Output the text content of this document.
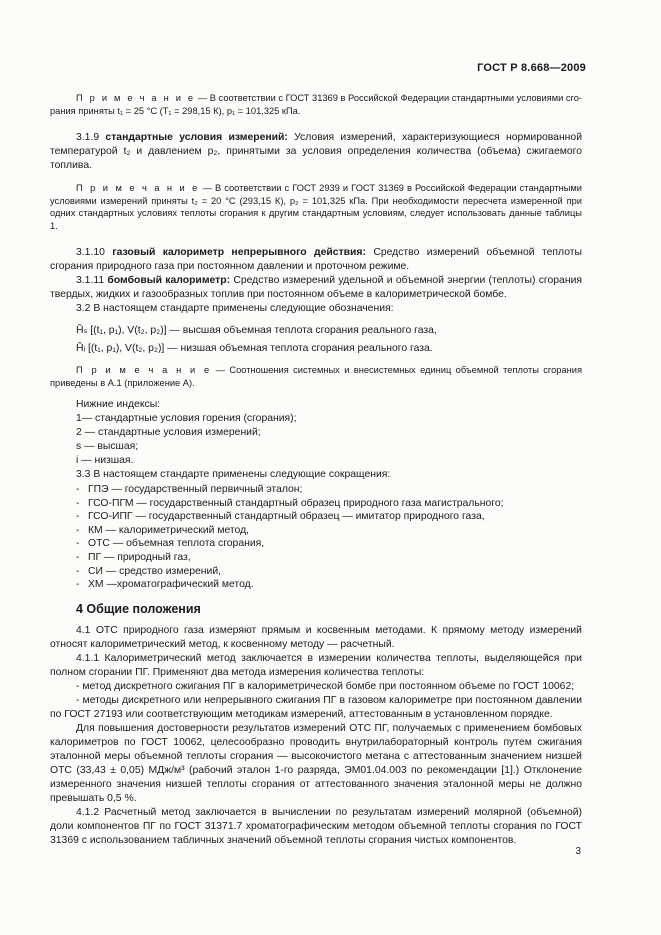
ГОСТ Р 8.668—2009

П р и м е ч а н и е — В соответствии с ГОСТ 31369 в Российской Федерации стандартными условиями сгорания приняты t₁ = 25 °С (T₁ = 298,15 К), p₁ = 101,325 кПа.

3.1.9 стандартные условия измерений: Условия измерений, характеризующиеся нормированной температурой t₂ и давлением p₂, принятыми за условия определения количества (объема) сжигаемого топлива.

П р и м е ч а н и е — В соответствии с ГОСТ 2939 и ГОСТ 31369 в Российской Федерации стандартными условиями измерений приняты t₂ = 20 °С (293,15 К), p₂ = 101,325 кПа. При необходимости пересчета измеренной при одних стандартных условиях теплоты сгорания к другим стандартным условиям, следует использовать данные таблицы 1.

3.1.10 газовый калориметр непрерывного действия: Средство измерений объемной теплоты сгорания природного газа при постоянном давлении и проточном режиме.

3.1.11 бомбовый калориметр: Средство измерений удельной и объемной энергии (теплоты) сгорания твердых, жидких и газообразных топлив при постоянном объеме в калориметрической бомбе.

3.2 В настоящем стандарте применены следующие обозначения:

H̃ₛ [(t₁, p₁), V(t₂, p₂)] — высшая объемная теплота сгорания реального газа,

H̃ᵢ [(t₁, p₁), V(t₂, p₂)] — низшая объемная теплота сгорания реального газа.

П р и м е ч а н и е — Соотношения системных и внесистемных единиц объемной теплоты сгорания приведены в А.1 (приложение А).

Нижние индексы:

1— стандартные условия горения (сгорания);

2 — стандартные условия измерений;

s — высшая;

i — низшая.

3.3 В настоящем стандарте применены следующие сокращения:

- ГПЭ — государственный первичный эталон;
- ГСО-ПГМ — государственный стандартный образец природного газа магистрального;
- ГСО-ИПГ — государственный стандартный образец — имитатор природного газа,
- КМ — калориметрический метод,
- ОТС — объемная теплота сгорания,
- ПГ — природный газ,
- СИ — средство измерений,
- ХМ —хроматографический метод.
4 Общие положения

4.1 ОТС природного газа измеряют прямым и косвенным методами. К прямому методу измерений относят калориметрический метод, к косвенному методу — расчетный.

4.1.1 Калориметрический метод заключается в измерении количества теплоты, выделяющейся при полном сгорании ПГ. Применяют два метода измерения количества теплоты:

- метод дискретного сжигания ПГ в калориметрической бомбе при постоянном объеме по ГОСТ 10062;

- методы дискретного или непрерывного сжигания ПГ в газовом калориметре при постоянном давлении по ГОСТ 27193 или соответствующим методикам измерений, аттестованным в установленном порядке.

Для повышения достоверности результатов измерений ОТС ПГ, получаемых с применением бомбовых калориметров по ГОСТ 10062, целесообразно проводить внутрилабораторный контроль путем сжигания эталонной меры объемной теплоты сгорания — высокочистого метана с аттестованным значением низшей ОТС (33,43 ± 0,05) МДж/м³ (рабочий эталон 1-го разряда, ЭМ01.04.003 по рекомендации [1].) Отклонение измеренного значения низшей теплоты сгорания от аттестованного значения эталонной меры не должно превышать 0,5 %.

4.1.2 Расчетный метод заключается в вычислении по результатам измерений молярной (объемной) доли компонентов ПГ по ГОСТ 31371.7 хроматографическим методом объемной теплоты сгорания по ГОСТ 31369 с использованием табличных значений объемной теплоты сгорания чистых компонентов.

3
